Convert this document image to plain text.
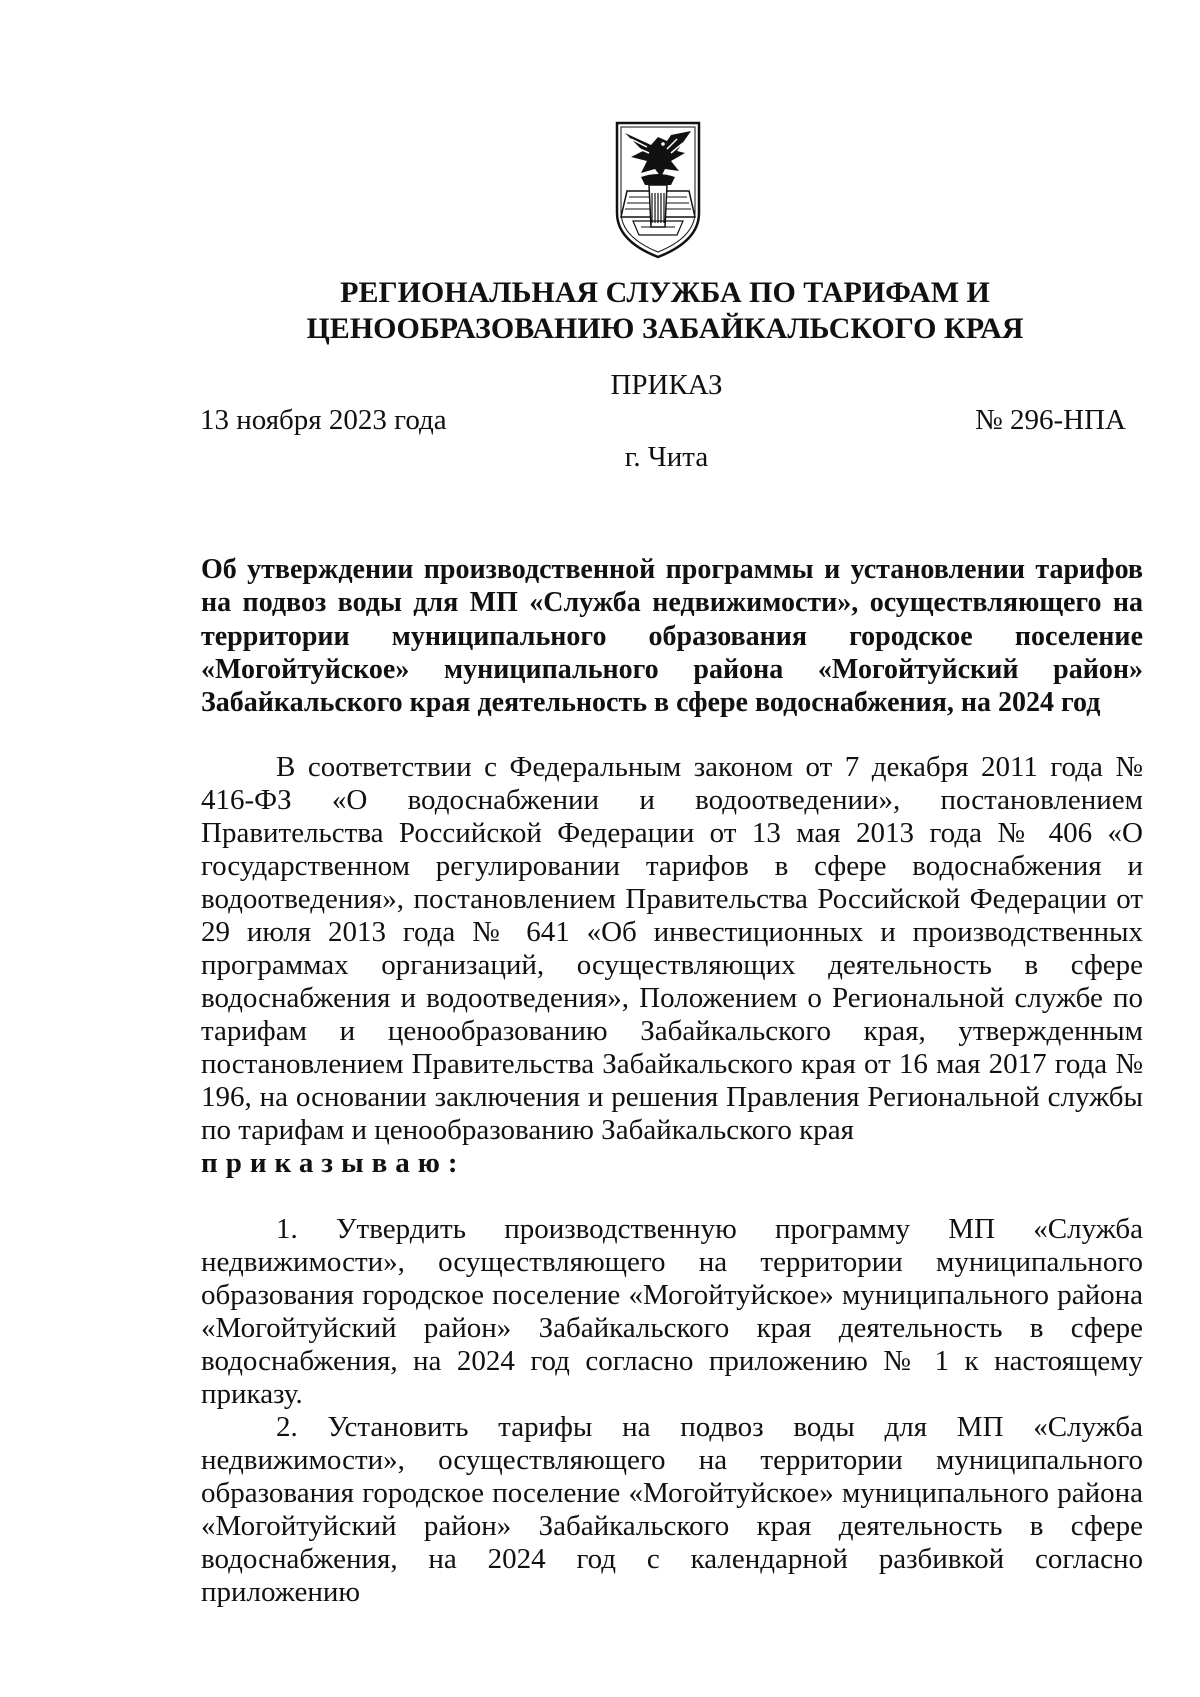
РЕГИОНАЛЬНАЯ СЛУЖБА ПО ТАРИФАМ И
ЦЕНООБРАЗОВАНИЮ ЗАБАЙКАЛЬСКОГО КРАЯ
ПРИКАЗ
13 ноября 2023 года	№ 296-НПА
г. Чита
Об утверждении производственной программы и установлении тарифов на подвоз воды для МП «Служба недвижимости», осуществляющего на территории муниципального образования городское поселение «Могойтуйское» муниципального района «Могойтуйский район» Забайкальского края деятельность в сфере водоснабжения, на 2024 год

В соответствии с Федеральным законом от 7 декабря 2011 года № 416-ФЗ «О водоснабжении и водоотведении», постановлением Правительства Российской Федерации от 13 мая 2013 года № 406 «О государственном регулировании тарифов в сфере водоснабжения и водоотведения», постановлением Правительства Российской Федерации от 29 июля 2013 года № 641 «Об инвестиционных и производственных программах организаций, осуществляющих деятельность в сфере водоснабжения и водоотведения», Положением о Региональной службе по тарифам и ценообразованию Забайкальского края, утвержденным постановлением Правительства Забайкальского края от 16 мая 2017 года № 196, на основании заключения и решения Правления Региональной службы по тарифам и ценообразованию Забайкальского края

приказываю:

1. Утвердить производственную программу МП «Служба недвижимости», осуществляющего на территории муниципального образования городское поселение «Могойтуйское» муниципального района «Могойтуйский район» Забайкальского края деятельность в сфере водоснабжения, на 2024 год согласно приложению № 1 к настоящему приказу.

2. Установить тарифы на подвоз воды для МП «Служба недвижимости», осуществляющего на территории муниципального образования городское поселение «Могойтуйское» муниципального района «Могойтуйский район» Забайкальского края деятельность в сфере водоснабжения, на 2024 год с календарной разбивкой согласно приложению
